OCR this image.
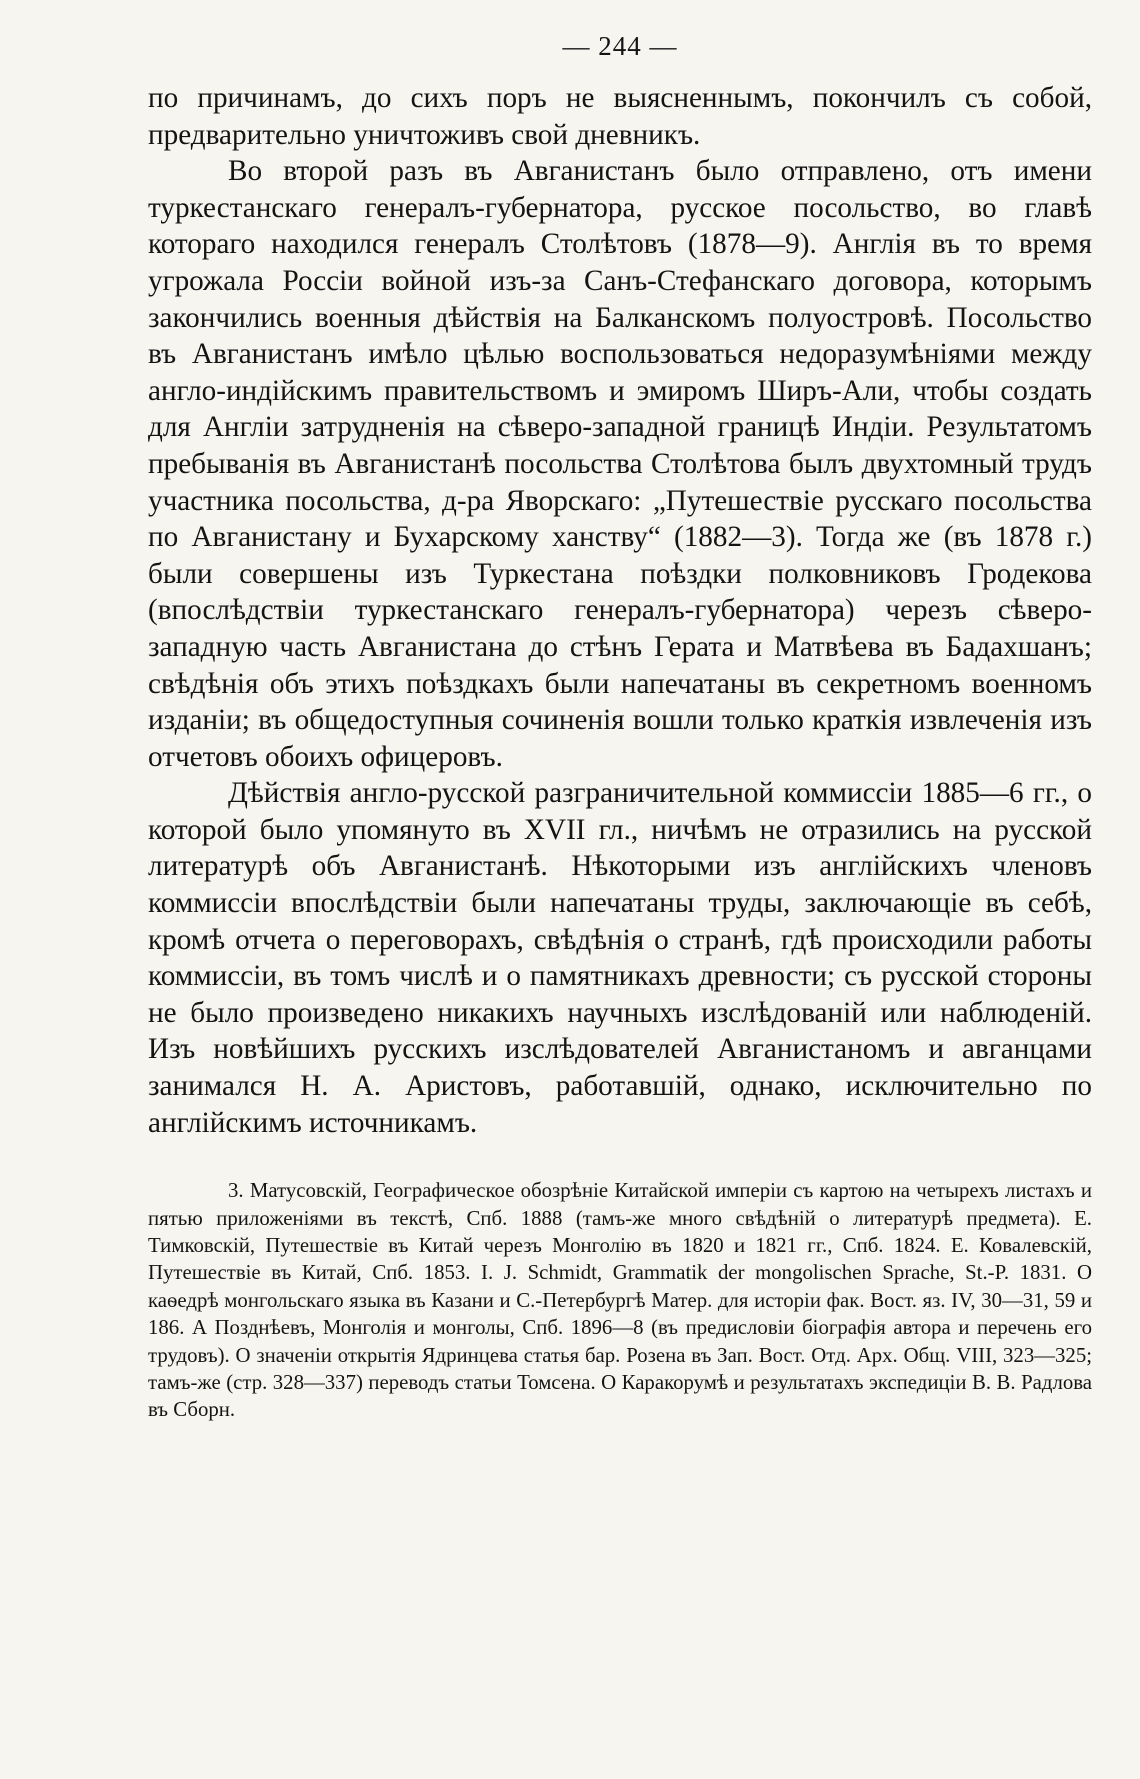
— 244 —

по причинамъ, до сихъ поръ не выясненнымъ, покончилъ съ собой, предварительно уничтоживъ свой дневникъ.

Во второй разъ въ Авганистанъ было отправлено, отъ имени туркестанскаго генералъ-губернатора, русское посольство, во главѣ котораго находился генералъ Столѣтовъ (1878—9). Англія въ то время угрожала Россіи войной изъ-за Санъ-Стефанскаго договора, которымъ закончились военныя дѣйствія на Балканскомъ полуостровѣ. Посольство въ Авганистанъ имѣло цѣлью воспользоваться недоразумѣніями между англо-индійскимъ правительствомъ и эмиромъ Ширъ-Али, чтобы создать для Англіи затрудненія на сѣверо-западной границѣ Индіи. Результатомъ пребыванія въ Авганистанѣ посольства Столѣтова былъ двухтомный трудъ участника посольства, д-ра Яворскаго: „Путешествіе русскаго посольства по Авганистану и Бухарскому ханству“ (1882—3). Тогда же (въ 1878 г.) были совершены изъ Туркестана поѣздки полковниковъ Гродекова (впослѣдствіи туркестанскаго генералъ-губернатора) черезъ сѣверо-западную часть Авганистана до стѣнъ Герата и Матвѣева въ Бадахшанъ; свѣдѣнія объ этихъ поѣздкахъ были напечатаны въ секретномъ военномъ изданіи; въ общедоступныя сочиненія вошли только краткія извлеченія изъ отчетовъ обоихъ офицеровъ.

Дѣйствія англо-русской разграничительной коммиссіи 1885—6 гг., о которой было упомянуто въ XVII гл., ничѣмъ не отразились на русской литературѣ объ Авганистанѣ. Нѣкоторыми изъ англійскихъ членовъ коммиссіи впослѣдствіи были напечатаны труды, заключающіе въ себѣ, кромѣ отчета о переговорахъ, свѣдѣнія о странѣ, гдѣ происходили работы коммиссіи, въ томъ числѣ и о памятникахъ древности; съ русской стороны не было произведено никакихъ научныхъ изслѣдованій или наблюденій. Изъ новѣйшихъ русскихъ изслѣдователей Авганистаномъ и авганцами занимался Н. А. Аристовъ, работавшій, однако, исключительно по англійскимъ источникамъ.

3. Матусовскій, Географическое обозрѣніе Китайской имперіи съ картою на четырехъ листахъ и пятью приложеніями въ текстѣ, Спб. 1888 (тамъ-же много свѣдѣній о литературѣ предмета). Е. Тимковскій, Путешествіе въ Китай черезъ Монголію въ 1820 и 1821 гг., Спб. 1824. Е. Ковалевскій, Путешествіе въ Китай, Спб. 1853. I. J. Schmidt, Grammatik der mongolischen Sprache, St.-P. 1831. О каѳедрѣ монгольскаго языка въ Казани и С.-Петербургѣ Матер. для исторіи фак. Вост. яз. IV, 30—31, 59 и 186. А Позднѣевъ, Монголія и монголы, Спб. 1896—8 (въ предисловіи біографія автора и перечень его трудовъ). О значеніи открытія Ядринцева статья бар. Розена въ Зап. Вост. Отд. Арх. Общ. VIII, 323—325; тамъ-же (стр. 328—337) переводъ статьи Томсена. О Каракорумѣ и результатахъ экспедиціи В. В. Радлова въ Сборн.
